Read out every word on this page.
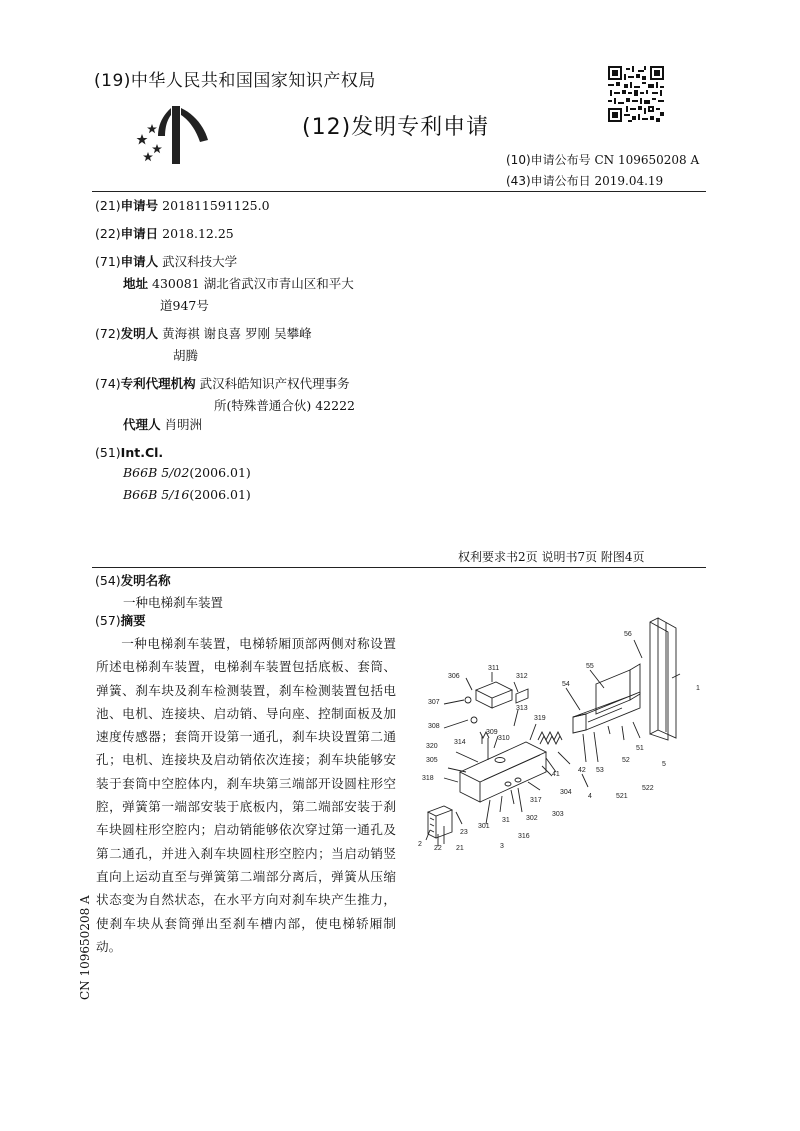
(19)中华人民共和国国家知识产权局
(12)发明专利申请
(10)申请公布号 CN 109650208 A
(43)申请公布日 2019.04.19
(21)申请号 201811591125.0
(22)申请日 2018.12.25
(71)申请人 武汉科技大学
地址 430081 湖北省武汉市青山区和平大
道947号
(72)发明人 黄海祺 谢良喜 罗刚 吴攀峰
胡腾
(74)专利代理机构 武汉科皓知识产权代理事务
所(特殊普通合伙) 42222
代理人 肖明洲
(51)Int.Cl.
B66B 5/02(2006.01)
B66B 5/16(2006.01)
权利要求书2页 说明书7页 附图4页
(54)发明名称
一种电梯刹车装置
(57)摘要
一种电梯刹车装置，电梯轿厢顶部两侧对称设置所述电梯刹车装置，电梯刹车装置包括底板、套筒、弹簧、刹车块及刹车检测装置，刹车检测装置包括电池、电机、连接块、启动销、导向座、控制面板及加速度传感器；套筒开设第一通孔，刹车块设置第二通孔；电机、连接块及启动销依次连接；刹车块能够安装于套筒中空腔体内，刹车块第三端部开设圆柱形空腔，弹簧第一端部安装于底板内，第二端部安装于刹车块圆柱形空腔内；启动销能够依次穿过第一通孔及第二通孔，并进入刹车块圆柱形空腔内；当启动销竖直向上运动直至与弹簧第二端部分离后，弹簧从压缩状态变为自然状态，在水平方向对刹车块产生推力，使刹车块从套筒弹出至刹车槽内部，使电梯轿厢制动。
CN 109650208 A
56
55
1
54
51
52
5
53
521
522
4
42
41
311
306	312
307
313
319
308
309
310
314
320
305
318
304
317
303
302
31
301
316
3
23
2
22 21
